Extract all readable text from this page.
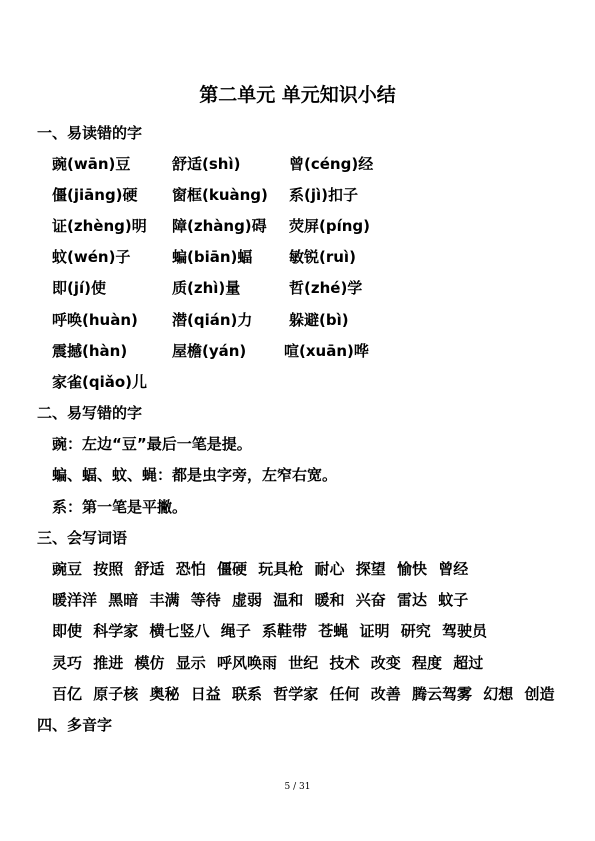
第二单元 单元知识小结
一、易读错的字
豌(wān)豆	舒适(shì)	曾(céng)经
僵(jiāng)硬 窗框(kuàng) 系(jì)扣子
证(zhèng)明 障(zhàng)碍 荧屏(píng)
蚊(wén)子	蝙(biān)蝠 敏锐(ruì)
即(jí)使	质(zhì)量	哲(zhé)学
呼唤(huàn) 潜(qián)力 躲避(bì)
震撼(hàn)	屋檐(yán)	喧(xuān)哗
家雀(qiǎo)儿
二、易写错的字
豌：左边“豆”最后一笔是提。
蝙、蝠、蚊、蝇：都是虫字旁，左窄右宽。
系：第一笔是平撇。
三、会写词语
豌豆 按照 舒适 恐怕 僵硬 玩具枪 耐心 探望 愉快 曾经
暖洋洋 黑暗 丰满 等待 虚弱 温和 暖和 兴奋 雷达 蚊子
即使 科学家 横七竖八 绳子 系鞋带 苍蝇 证明 研究 驾驶员
灵巧 推进 模仿 显示 呼风唤雨 世纪 技术 改变 程度 超过
百亿 原子核 奥秘 日益 联系 哲学家 任何 改善 腾云驾雾 幻想 创造
四、多音字
5 / 31
